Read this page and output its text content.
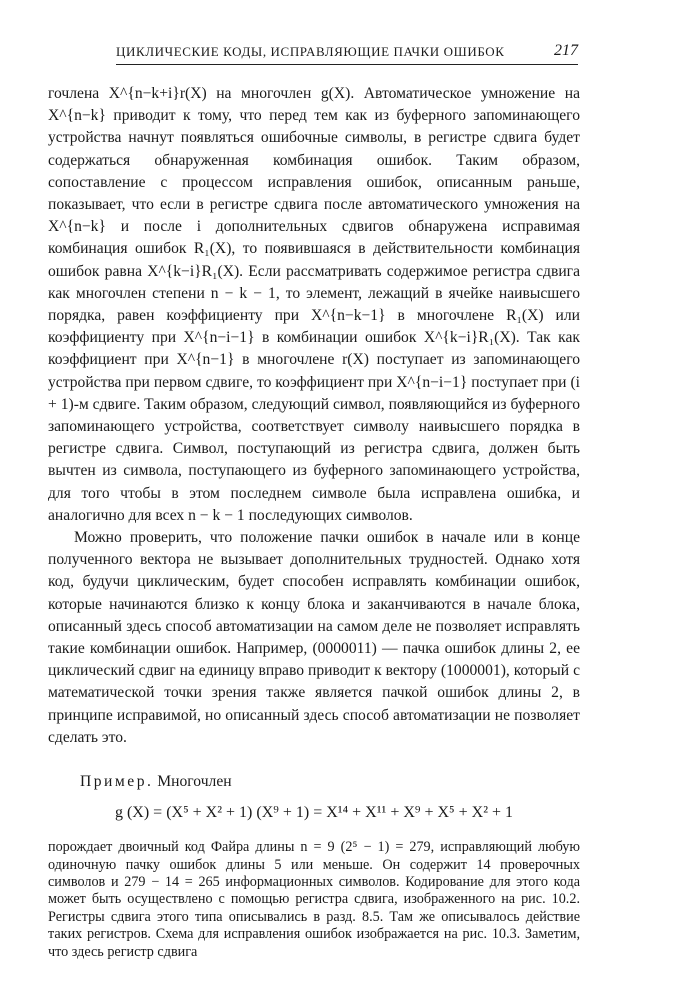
ЦИКЛИЧЕСКИЕ КОДЫ, ИСПРАВЛЯЮЩИЕ ПАЧКИ ОШИБОК	217

гочлена X^{n−k+i}r(X) на многочлен g(X). Автоматическое умножение на X^{n−k} приводит к тому, что перед тем как из буферного запоминающего устройства начнут появляться ошибочные символы, в регистре сдвига будет содержаться обнаруженная комбинация ошибок. Таким образом, сопоставление с процессом исправления ошибок, описанным раньше, показывает, что если в регистре сдвига после автоматического умножения на X^{n−k} и после i дополнительных сдвигов обнаружена исправимая комбинация ошибок R₁(X), то появившаяся в действительности комбинация ошибок равна X^{k−i}R₁(X). Если рассматривать содержимое регистра сдвига как многочлен степени n − k − 1, то элемент, лежащий в ячейке наивысшего порядка, равен коэффициенту при X^{n−k−1} в многочлене R₁(X) или коэффициенту при X^{n−i−1} в комбинации ошибок X^{k−i}R₁(X). Так как коэффициент при X^{n−1} в многочлене r(X) поступает из запоминающего устройства при первом сдвиге, то коэффициент при X^{n−i−1} поступает при (i + 1)-м сдвиге. Таким образом, следующий символ, появляющийся из буферного запоминающего устройства, соответствует символу наивысшего порядка в регистре сдвига. Символ, поступающий из регистра сдвига, должен быть вычтен из символа, поступающего из буферного запоминающего устройства, для того чтобы в этом последнем символе была исправлена ошибка, и аналогично для всех n − k − 1 последующих символов.

Можно проверить, что положение пачки ошибок в начале или в конце полученного вектора не вызывает дополнительных трудностей. Однако хотя код, будучи циклическим, будет способен исправлять комбинации ошибок, которые начинаются близко к концу блока и заканчиваются в начале блока, описанный здесь способ автоматизации на самом деле не позволяет исправлять такие комбинации ошибок. Например, (0000011) — пачка ошибок длины 2, ее циклический сдвиг на единицу вправо приводит к вектору (1000001), который с математической точки зрения также является пачкой ошибок длины 2, в принципе исправимой, но описанный здесь способ автоматизации не позволяет сделать это.

Пример. Многочлен
g (X) = (X⁵ + X² + 1) (X⁹ + 1) = X¹⁴ + X¹¹ + X⁹ + X⁵ + X² + 1

порождает двоичный код Файра длины n = 9 (2⁵ − 1) = 279, исправляющий любую одиночную пачку ошибок длины 5 или меньше. Он содержит 14 проверочных символов и 279 − 14 = 265 информационных символов. Кодирование для этого кода может быть осуществлено с помощью регистра сдвига, изображенного на рис. 10.2. Регистры сдвига этого типа описывались в разд. 8.5. Там же описывалось действие таких регистров. Схема для исправления ошибок изображается на рис. 10.3. Заметим, что здесь регистр сдвига
